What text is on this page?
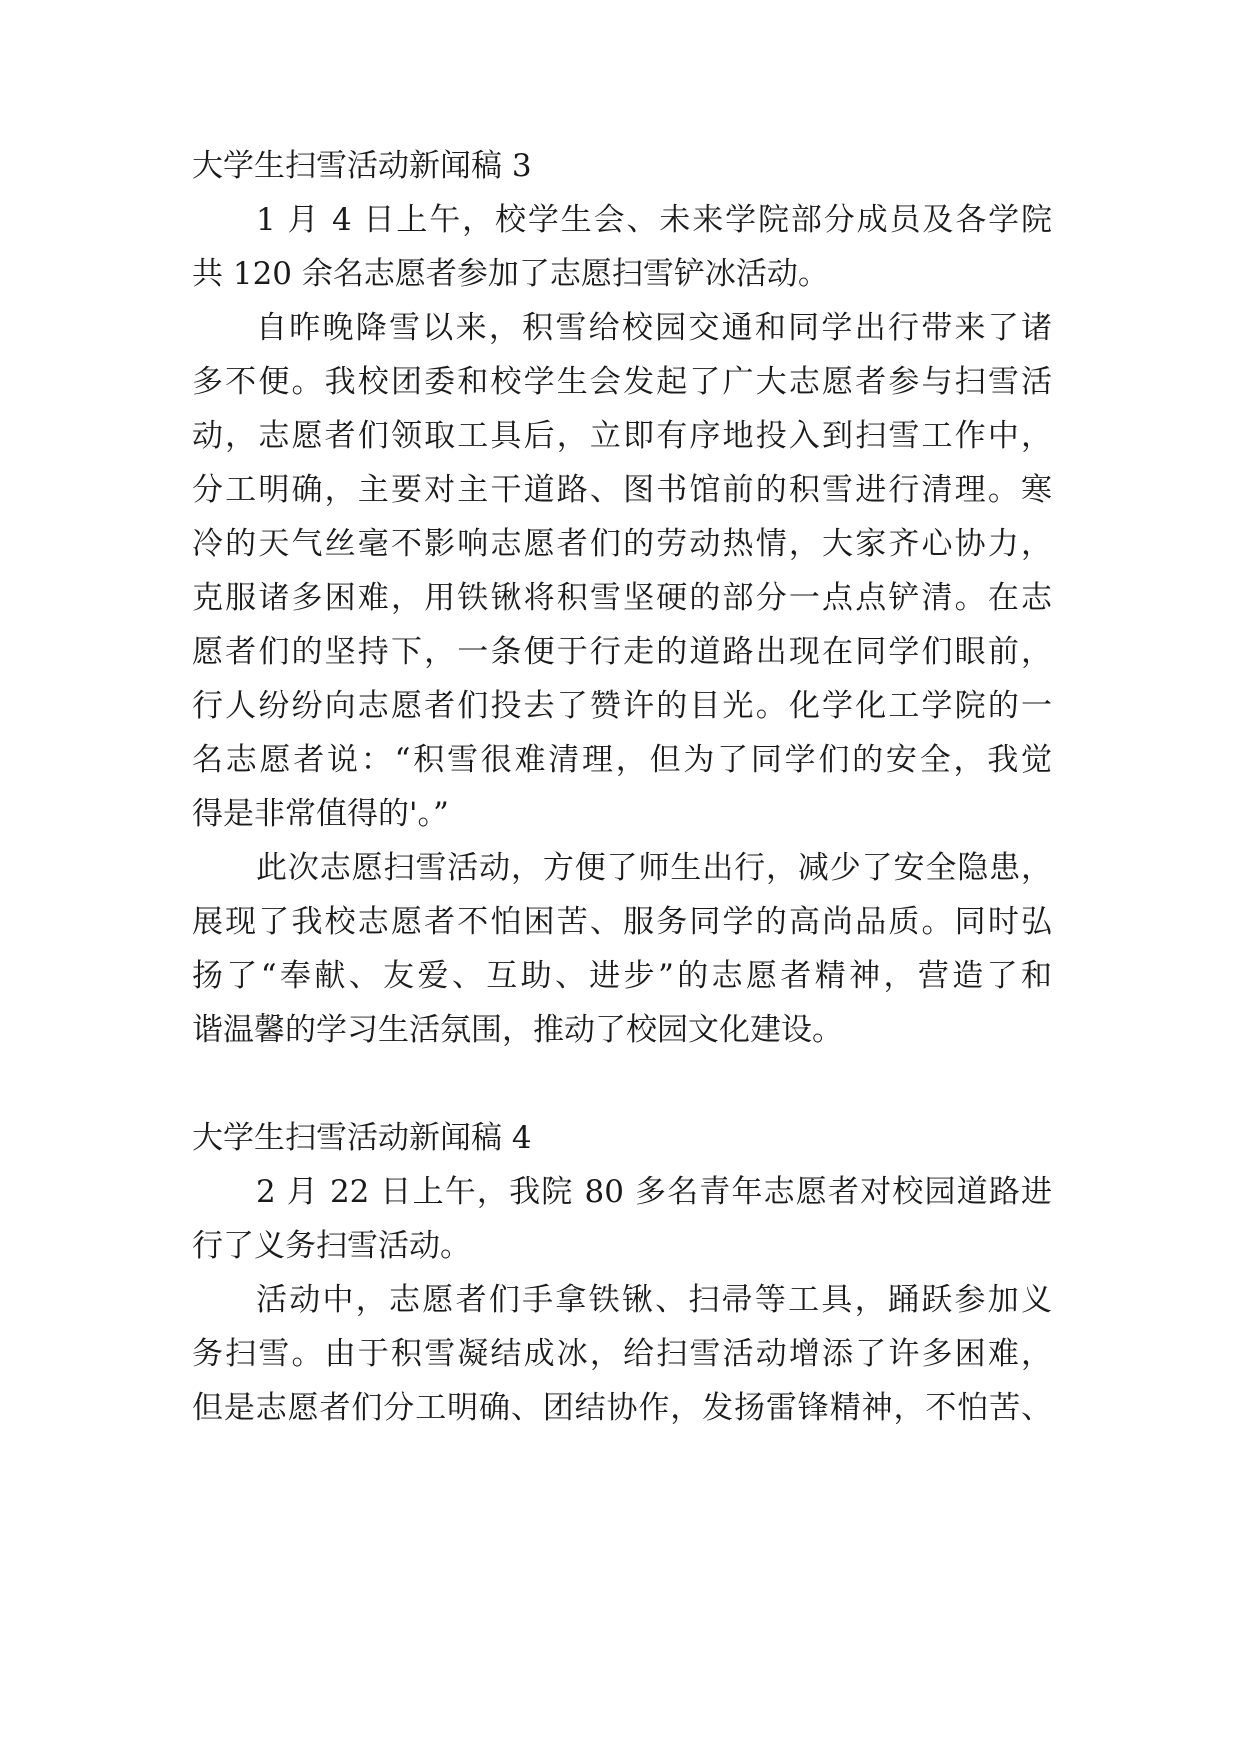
大学生扫雪活动新闻稿 3
1 月 4 日上午，校学生会、未来学院部分成员及各学院
共 120 余名志愿者参加了志愿扫雪铲冰活动。
自昨晚降雪以来，积雪给校园交通和同学出行带来了诸
多不便。我校团委和校学生会发起了广大志愿者参与扫雪活
动，志愿者们领取工具后，立即有序地投入到扫雪工作中，
分工明确，主要对主干道路、图书馆前的积雪进行清理。寒
冷的天气丝毫不影响志愿者们的劳动热情，大家齐心协力，
克服诸多困难，用铁锹将积雪坚硬的部分一点点铲清。在志
愿者们的坚持下，一条便于行走的道路出现在同学们眼前，
行人纷纷向志愿者们投去了赞许的目光。化学化工学院的一
名志愿者说：“积雪很难清理，但为了同学们的安全，我觉
得是非常值得的'。”
此次志愿扫雪活动，方便了师生出行，减少了安全隐患，
展现了我校志愿者不怕困苦、服务同学的高尚品质。同时弘
扬了“奉献、友爱、互助、进步”的志愿者精神，营造了和
谐温馨的学习生活氛围，推动了校园文化建设。
大学生扫雪活动新闻稿 4
2 月 22 日上午，我院 80 多名青年志愿者对校园道路进
行了义务扫雪活动。
活动中，志愿者们手拿铁锹、扫帚等工具，踊跃参加义
务扫雪。由于积雪凝结成冰，给扫雪活动增添了许多困难，
但是志愿者们分工明确、团结协作，发扬雷锋精神，不怕苦、
